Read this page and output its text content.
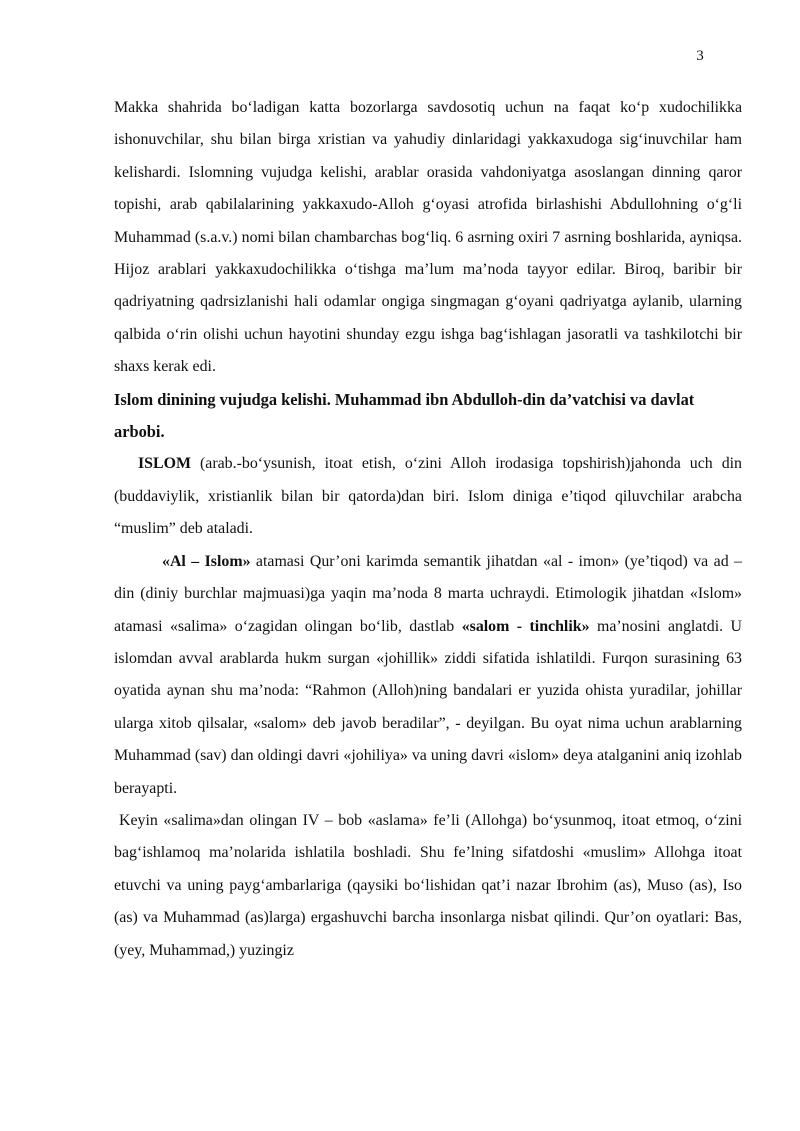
3

Makka shahrida bo‘ladigan katta bozorlarga savdosotiq uchun na faqat ko‘p xudochilikka ishonuvchilar, shu bilan birga xristian va yahudiy dinlaridagi yakkaxudoga sig‘inuvchilar ham kelishardi. Islomning vujudga kelishi, arablar orasida vahdoniyatga asoslangan dinning qaror topishi, arab qabilalarining yakkaxudo-Alloh g‘oyasi atrofida birlashishi Abdullohning o‘g‘li Muhammad (s.a.v.) nomi bilan chambarchas bog‘liq. 6 asrning oxiri 7 asrning boshlarida, ayniqsa. Hijoz arablari yakkaxudochilikka o‘tishga ma’lum ma’noda tayyor edilar. Biroq, baribir bir qadriyatning qadrsizlanishi hali odamlar ongiga singmagan g‘oyani qadriyatga aylanib, ularning qalbida o‘rin olishi uchun hayotini shunday ezgu ishga bag‘ishlagan jasoratli va tashkilotchi bir shaxs kerak edi.

Islom dinining vujudga kelishi. Muhammad ibn Abdulloh-din da’vatchisi va davlat arbobi.

ISLOM (arab.-bo‘ysunish, itoat etish, o‘zini Alloh irodasiga topshirish)jahonda uch din (buddaviylik, xristianlik bilan bir qatorda)dan biri. Islom diniga e’tiqod qiluvchilar arabcha “muslim” deb ataladi.

«Al – Islom» atamasi Qur’oni karimda semantik jihatdan «al - imon» (ye’tiqod) va ad – din (diniy burchlar majmuasi)ga yaqin ma’noda 8 marta uchraydi. Etimologik jihatdan «Islom» atamasi «salima» o‘zagidan olingan bo‘lib, dastlab «salom - tinchlik» ma’nosini anglatdi. U islomdan avval arablarda hukm surgan «johillik» ziddi sifatida ishlatildi. Furqon surasining 63 oyatida aynan shu ma’noda: “Rahmon (Alloh)ning bandalari er yuzida ohista yuradilar, johillar ularga xitob qilsalar, «salom» deb javob beradilar”, - deyilgan. Bu oyat nima uchun arablarning Muhammad (sav) dan oldingi davri «johiliya» va uning davri «islom» deya atalganini aniq izohlab berayapti.

Keyin «salima»dan olingan IV – bob «aslama» fe’li (Allohga) bo‘ysunmoq, itoat etmoq, o‘zini bag‘ishlamoq ma’nolarida ishlatila boshladi. Shu fe’lning sifatdoshi «muslim» Allohga itoat etuvchi va uning payg‘ambarlariga (qaysiki bo‘lishidan qat’i nazar Ibrohim (as), Muso (as), Iso (as) va Muhammad (as)larga) ergashuvchi barcha insonlarga nisbat qilindi. Qur’on oyatlari: Bas, (yey, Muhammad,) yuzingiz
